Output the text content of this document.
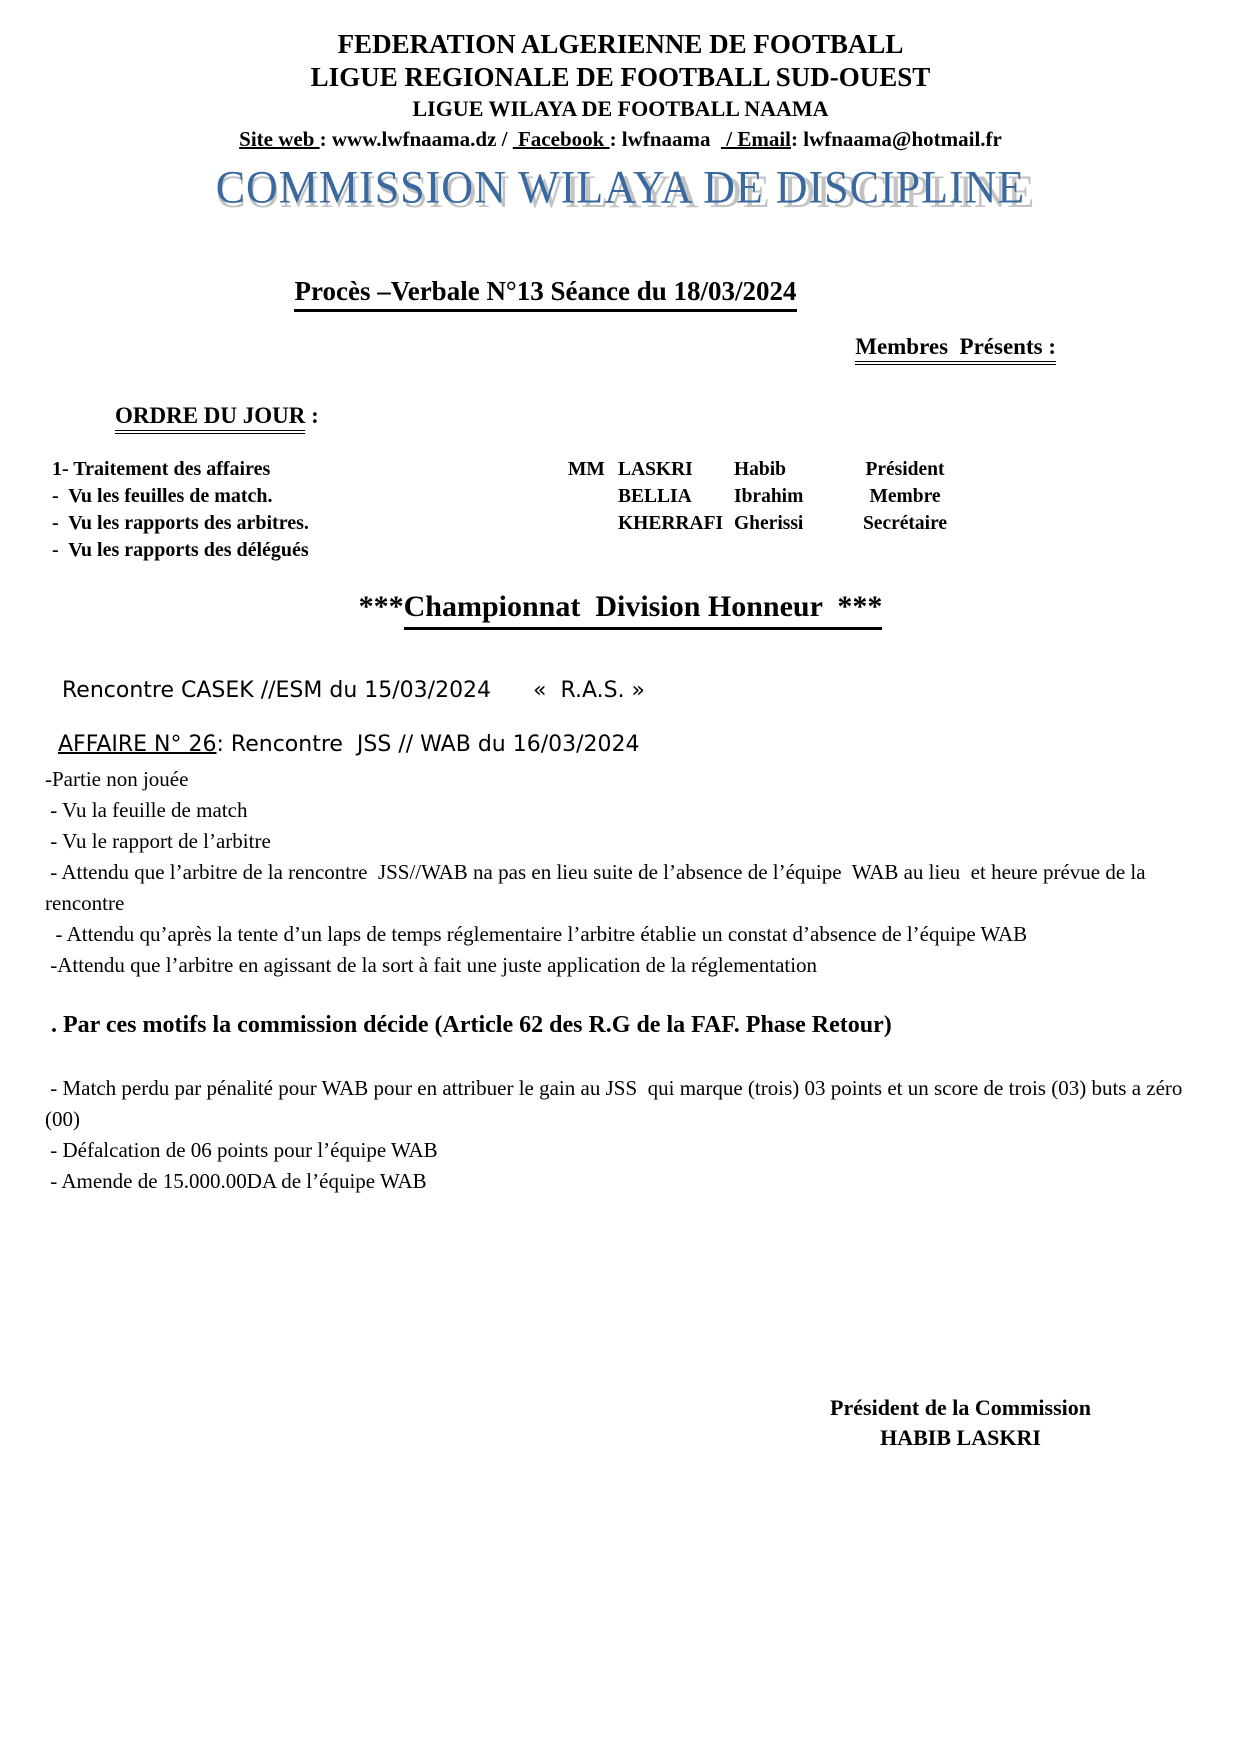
FEDERATION ALGERIENNE DE FOOTBALL
LIGUE REGIONALE DE FOOTBALL SUD-OUEST
LIGUE WILAYA DE FOOTBALL NAAMA
Site web : www.lwfnaama.dz /  Facebook : lwfnaama   / Email: lwfnaama@hotmail.fr
COMMISSION WILAYA DE DISCIPLINE COMMISSION WILAYA DE DISCIPLINE
Procès –Verbale N°13 Séance du 18/03/2024
Membres  Présents :
ORDRE DU JOUR :
1- Traitement des affaires
-  Vu les feuilles de match.
-  Vu les rapports des arbitres.
-  Vu les rapports des délégués
MM	LASKRI	Habib	Président
	BELLIA	Ibrahim	Membre
	KHERRAFI	Gherissi	Secrétaire
***Championnat  Division Honneur  ***
Rencontre CASEK //ESM du 15/03/2024      «  R.A.S. »
AFFAIRE N° 26: Rencontre  JSS // WAB du 16/03/2024

-Partie non jouée

- Vu la feuille de match

- Vu le rapport de l’arbitre

- Attendu que l’arbitre de la rencontre  JSS//WAB na pas en lieu suite de l’absence de l’équipe  WAB au lieu  et heure prévue de la rencontre

- Attendu qu’après la tente d’un laps de temps réglementaire l’arbitre établie un constat d’absence de l’équipe WAB

-Attendu que l’arbitre en agissant de la sort à fait une juste application de la réglementation

. Par ces motifs la commission décide (Article 62 des R.G de la FAF. Phase Retour)

- Match perdu par pénalité pour WAB pour en attribuer le gain au JSS  qui marque (trois) 03 points et un score de trois (03) buts a zéro (00)

- Défalcation de 06 points pour l’équipe WAB

- Amende de 15.000.00DA de l’équipe WAB

Président de la Commission
HABIB LASKRI
